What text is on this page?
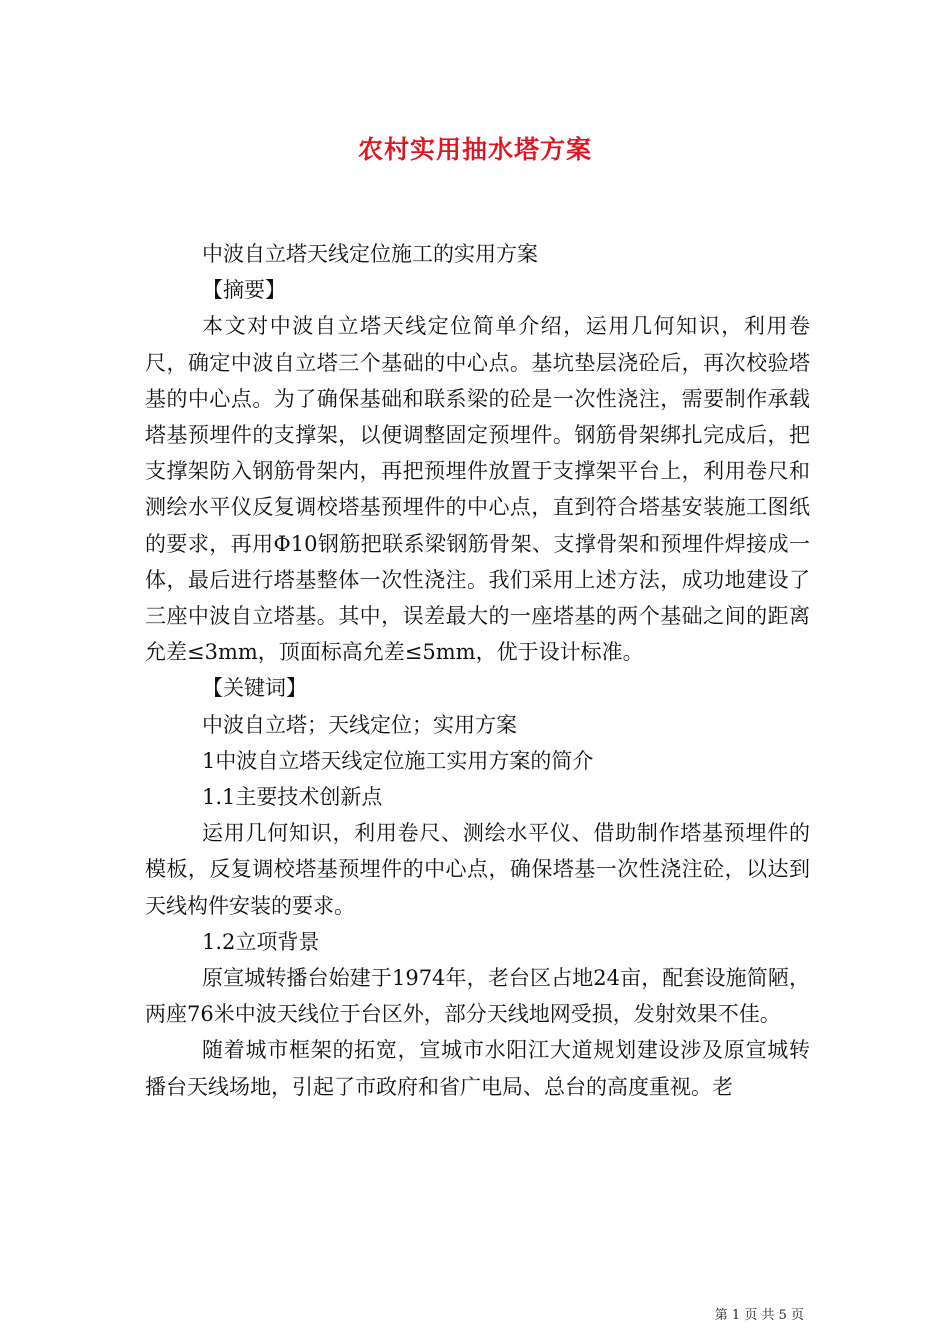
农村实用抽水塔方案

中波自立塔天线定位施工的实用方案

【摘要】

本文对中波自立塔天线定位简单介绍，运用几何知识，利用卷尺，确定中波自立塔三个基础的中心点。基坑垫层浇砼后，再次校验塔基的中心点。为了确保基础和联系梁的砼是一次性浇注，需要制作承载塔基预埋件的支撑架，以便调整固定预埋件。钢筋骨架绑扎完成后，把支撑架防入钢筋骨架内，再把预埋件放置于支撑架平台上，利用卷尺和测绘水平仪反复调校塔基预埋件的中心点，直到符合塔基安装施工图纸的要求，再用Φ10钢筋把联系梁钢筋骨架、支撑骨架和预埋件焊接成一体，最后进行塔基整体一次性浇注。我们采用上述方法，成功地建设了三座中波自立塔基。其中，误差最大的一座塔基的两个基础之间的距离允差≤3mm，顶面标高允差≤5mm，优于设计标准。

【关键词】

中波自立塔；天线定位；实用方案

1中波自立塔天线定位施工实用方案的简介

1.1主要技术创新点

运用几何知识，利用卷尺、测绘水平仪、借助制作塔基预埋件的模板，反复调校塔基预埋件的中心点，确保塔基一次性浇注砼，以达到天线构件安装的要求。

1.2立项背景

原宣城转播台始建于1974年，老台区占地24亩，配套设施简陋，两座76米中波天线位于台区外，部分天线地网受损，发射效果不佳。

随着城市框架的拓宽，宣城市水阳江大道规划建设涉及原宣城转播台天线场地，引起了市政府和省广电局、总台的高度重视。老

第 1 页 共 5 页
